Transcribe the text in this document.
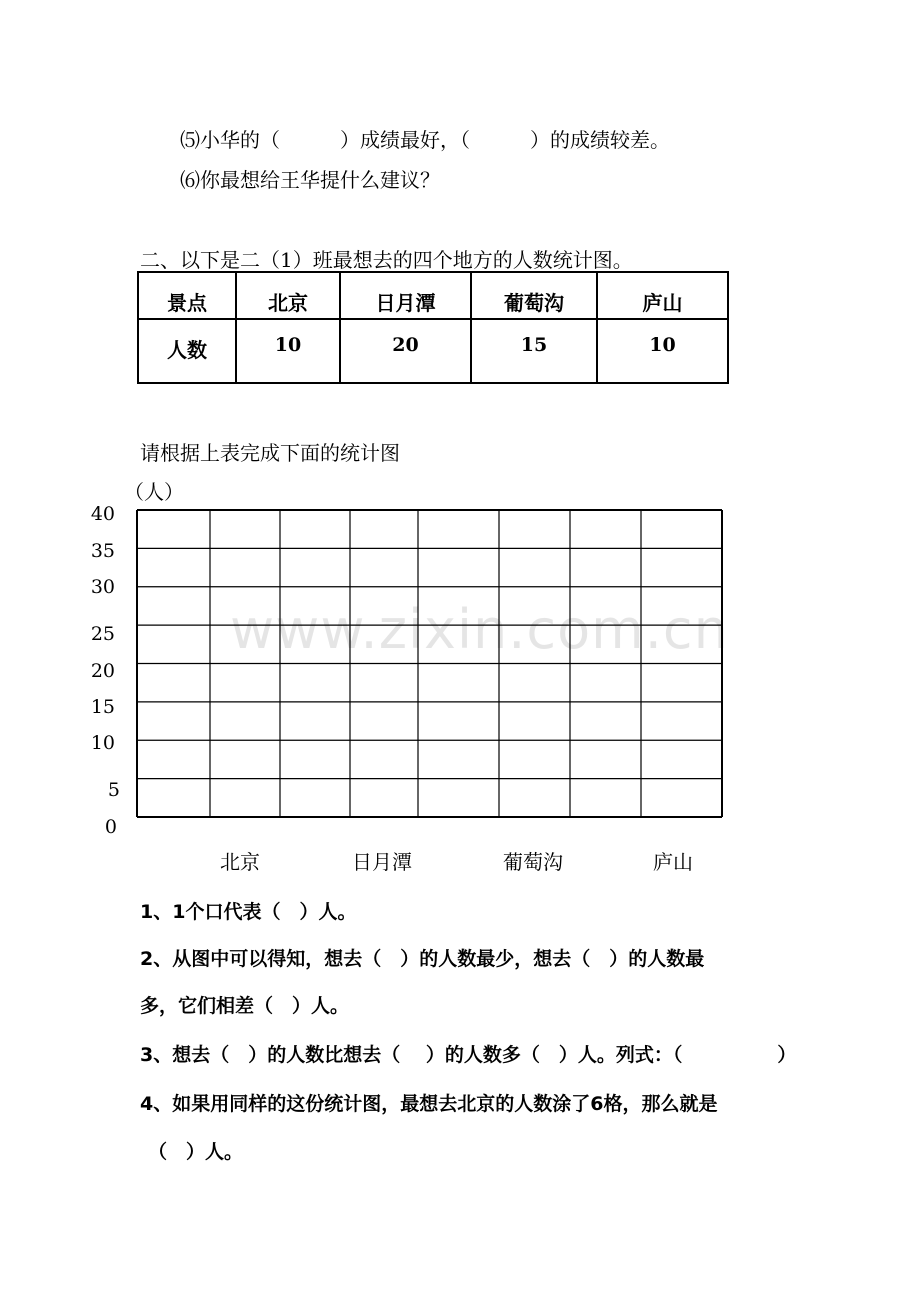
⑸小华的（　　　）成绩最好，（　　　）的成绩较差。
⑹你最想给王华提什么建议？
二、以下是二（1）班最想去的四个地方的人数统计图。
景点	北京	日月潭	葡萄沟	庐山
人数	10	20	15	10
请根据上表完成下面的统计图
（人）
40
35
30
25
20
15
10
5
0
北京	日月潭	葡萄沟	庐山
www.zixin.com.cn
1、1个口代表（　）人。
2、从图中可以得知，想去（　）的人数最少，想去（　）的人数最
多，它们相差（　）人。
3、想去（　）的人数比想去（　 ）的人数多（　）人。列式：（　　　　　）
4、如果用同样的这份统计图，最想去北京的人数涂了6格，那么就是
（　）人。
